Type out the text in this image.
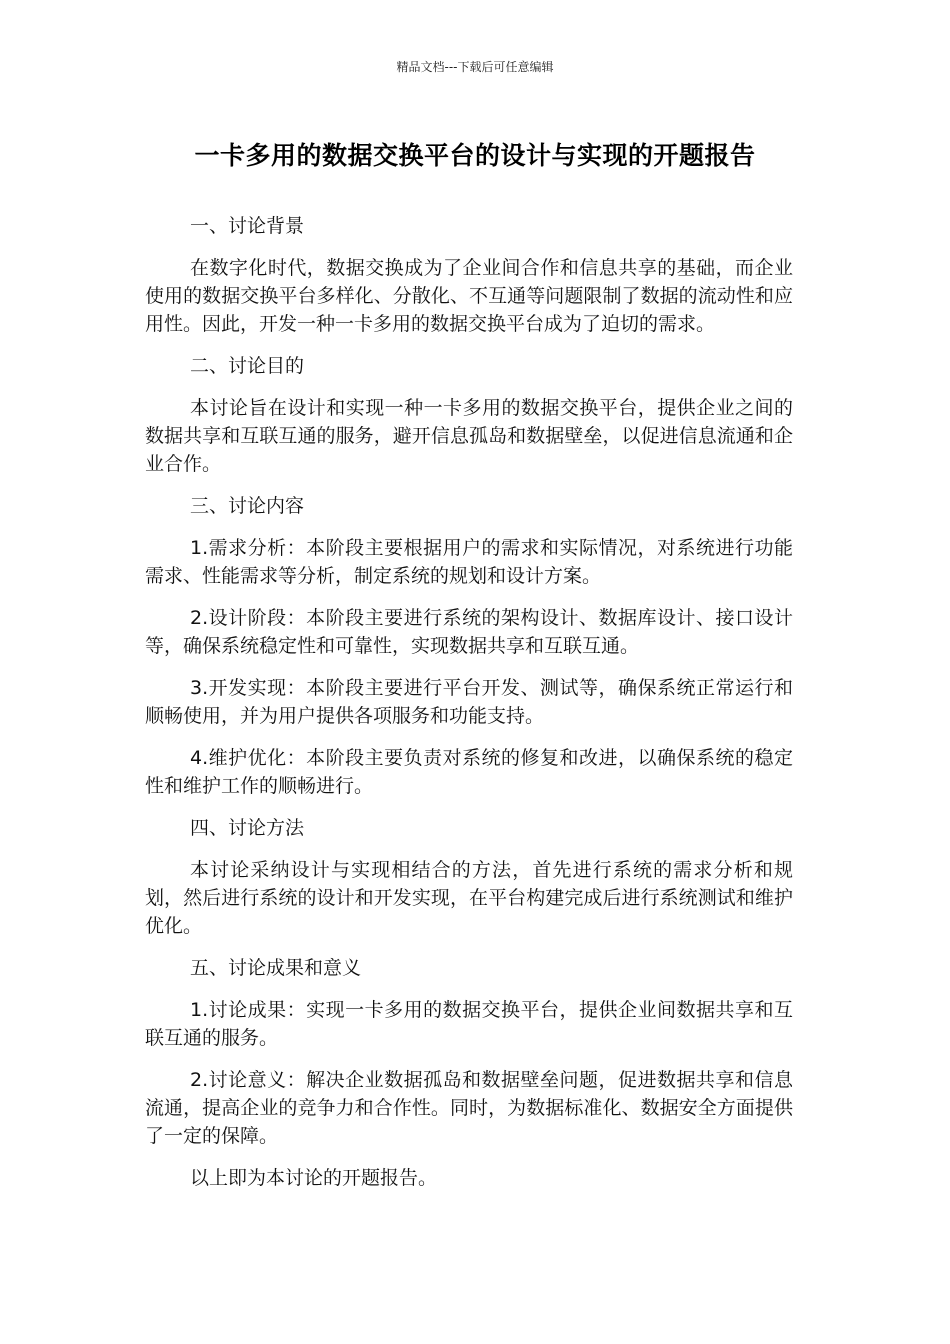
精品文档---下载后可任意编辑
一卡多用的数据交换平台的设计与实现的开题报告

一、讨论背景

在数字化时代，数据交换成为了企业间合作和信息共享的基础，而企业使用的数据交换平台多样化、分散化、不互通等问题限制了数据的流动性和应用性。因此，开发一种一卡多用的数据交换平台成为了迫切的需求。

二、讨论目的

本讨论旨在设计和实现一种一卡多用的数据交换平台，提供企业之间的数据共享和互联互通的服务，避开信息孤岛和数据壁垒，以促进信息流通和企业合作。

三、讨论内容

1.需求分析：本阶段主要根据用户的需求和实际情况，对系统进行功能需求、性能需求等分析，制定系统的规划和设计方案。

2.设计阶段：本阶段主要进行系统的架构设计、数据库设计、接口设计等，确保系统稳定性和可靠性，实现数据共享和互联互通。

3.开发实现：本阶段主要进行平台开发、测试等，确保系统正常运行和顺畅使用，并为用户提供各项服务和功能支持。

4.维护优化：本阶段主要负责对系统的修复和改进，以确保系统的稳定性和维护工作的顺畅进行。

四、讨论方法

本讨论采纳设计与实现相结合的方法，首先进行系统的需求分析和规划，然后进行系统的设计和开发实现，在平台构建完成后进行系统测试和维护优化。

五、讨论成果和意义

1.讨论成果：实现一卡多用的数据交换平台，提供企业间数据共享和互联互通的服务。

2.讨论意义：解决企业数据孤岛和数据壁垒问题，促进数据共享和信息流通，提高企业的竞争力和合作性。同时，为数据标准化、数据安全方面提供了一定的保障。

以上即为本讨论的开题报告。
